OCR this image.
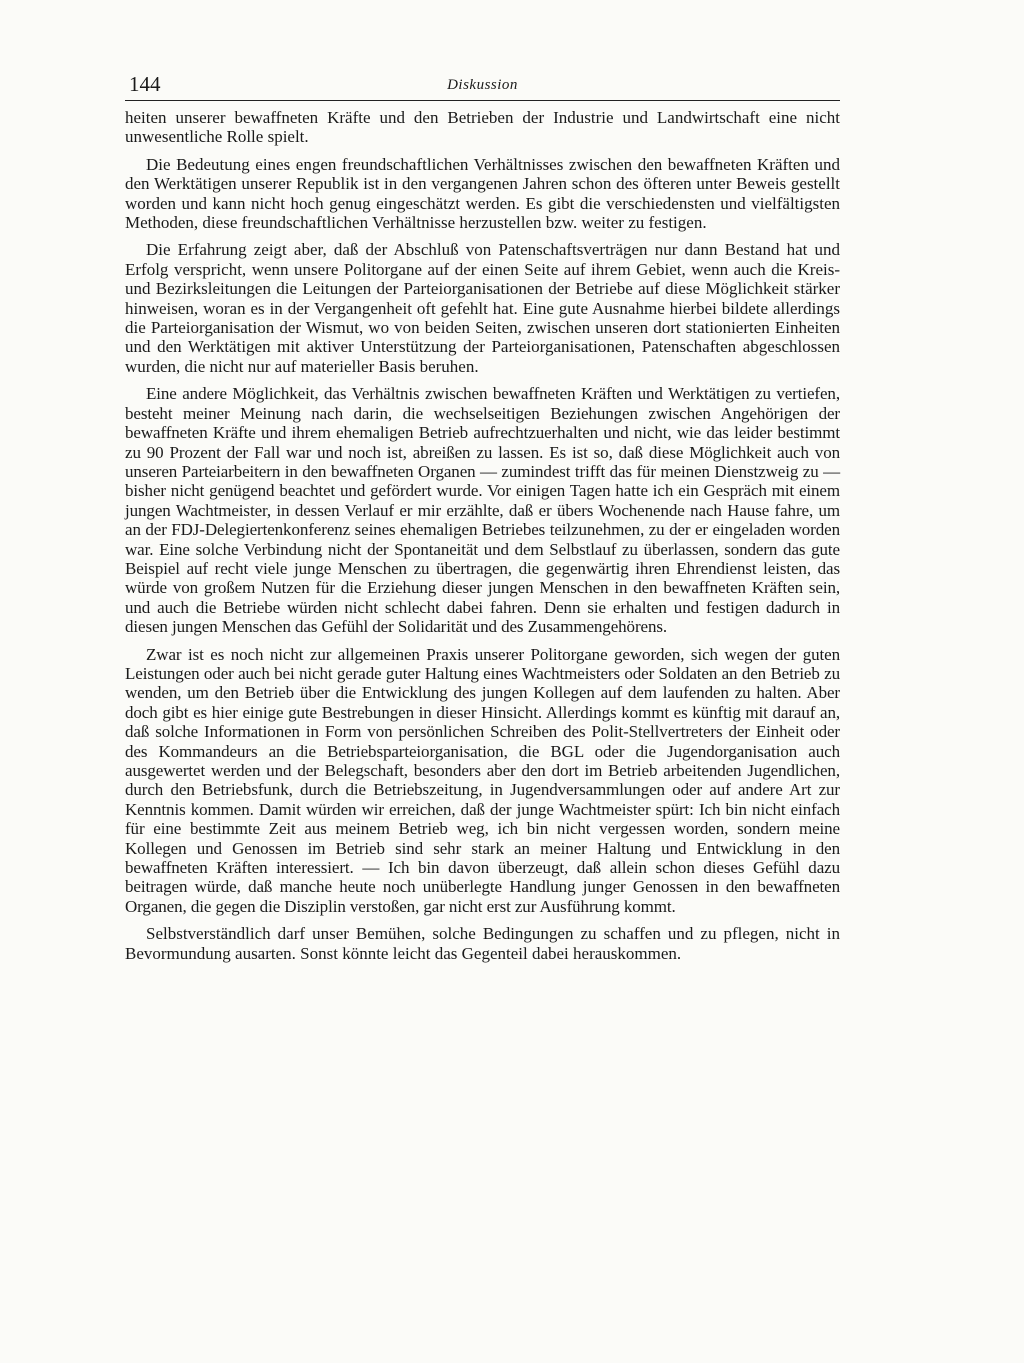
144	Diskussion

heiten unserer bewaffneten Kräfte und den Betrieben der Industrie und Landwirtschaft eine nicht unwesentliche Rolle spielt.

Die Bedeutung eines engen freundschaftlichen Verhältnisses zwischen den bewaffneten Kräften und den Werktätigen unserer Republik ist in den vergangenen Jahren schon des öfteren unter Beweis gestellt worden und kann nicht hoch genug eingeschätzt werden. Es gibt die verschiedensten und vielfältigsten Methoden, diese freundschaftlichen Verhältnisse herzustellen bzw. weiter zu festigen.

Die Erfahrung zeigt aber, daß der Abschluß von Patenschaftsverträgen nur dann Bestand hat und Erfolg verspricht, wenn unsere Politorgane auf der einen Seite auf ihrem Gebiet, wenn auch die Kreis- und Bezirksleitungen die Leitungen der Parteiorganisationen der Betriebe auf diese Möglichkeit stärker hinweisen, woran es in der Vergangenheit oft gefehlt hat. Eine gute Ausnahme hierbei bildete allerdings die Parteiorganisation der Wismut, wo von beiden Seiten, zwischen unseren dort stationierten Einheiten und den Werktätigen mit aktiver Unterstützung der Parteiorganisationen, Patenschaften abgeschlossen wurden, die nicht nur auf materieller Basis beruhen.

Eine andere Möglichkeit, das Verhältnis zwischen bewaffneten Kräften und Werktätigen zu vertiefen, besteht meiner Meinung nach darin, die wechselseitigen Beziehungen zwischen Angehörigen der bewaffneten Kräfte und ihrem ehemaligen Betrieb aufrechtzuerhalten und nicht, wie das leider bestimmt zu 90 Prozent der Fall war und noch ist, abreißen zu lassen. Es ist so, daß diese Möglichkeit auch von unseren Parteiarbeitern in den bewaffneten Organen — zumindest trifft das für meinen Dienstzweig zu — bisher nicht genügend beachtet und gefördert wurde. Vor einigen Tagen hatte ich ein Gespräch mit einem jungen Wachtmeister, in dessen Verlauf er mir erzählte, daß er übers Wochenende nach Hause fahre, um an der FDJ-Delegiertenkonferenz seines ehemaligen Betriebes teilzunehmen, zu der er eingeladen worden war. Eine solche Verbindung nicht der Spontaneität und dem Selbstlauf zu überlassen, sondern das gute Beispiel auf recht viele junge Menschen zu übertragen, die gegenwärtig ihren Ehrendienst leisten, das würde von großem Nutzen für die Erziehung dieser jungen Menschen in den bewaffneten Kräften sein, und auch die Betriebe würden nicht schlecht dabei fahren. Denn sie erhalten und festigen dadurch in diesen jungen Menschen das Gefühl der Solidarität und des Zusammengehörens.

Zwar ist es noch nicht zur allgemeinen Praxis unserer Politorgane geworden, sich wegen der guten Leistungen oder auch bei nicht gerade guter Haltung eines Wachtmeisters oder Soldaten an den Betrieb zu wenden, um den Betrieb über die Entwicklung des jungen Kollegen auf dem laufenden zu halten. Aber doch gibt es hier einige gute Bestrebungen in dieser Hinsicht. Allerdings kommt es künftig mit darauf an, daß solche Informationen in Form von persönlichen Schreiben des Polit-Stellvertreters der Einheit oder des Kommandeurs an die Betriebsparteiorganisation, die BGL oder die Jugendorganisation auch ausgewertet werden und der Belegschaft, besonders aber den dort im Betrieb arbeitenden Jugendlichen, durch den Betriebsfunk, durch die Betriebszeitung, in Jugendversammlungen oder auf andere Art zur Kenntnis kommen. Damit würden wir erreichen, daß der junge Wachtmeister spürt: Ich bin nicht einfach für eine bestimmte Zeit aus meinem Betrieb weg, ich bin nicht vergessen worden, sondern meine Kollegen und Genossen im Betrieb sind sehr stark an meiner Haltung und Entwicklung in den bewaffneten Kräften interessiert. — Ich bin davon überzeugt, daß allein schon dieses Gefühl dazu beitragen würde, daß manche heute noch unüberlegte Handlung junger Genossen in den bewaffneten Organen, die gegen die Disziplin verstoßen, gar nicht erst zur Ausführung kommt.

Selbstverständlich darf unser Bemühen, solche Bedingungen zu schaffen und zu pflegen, nicht in Bevormundung ausarten. Sonst könnte leicht das Gegenteil dabei herauskommen.
